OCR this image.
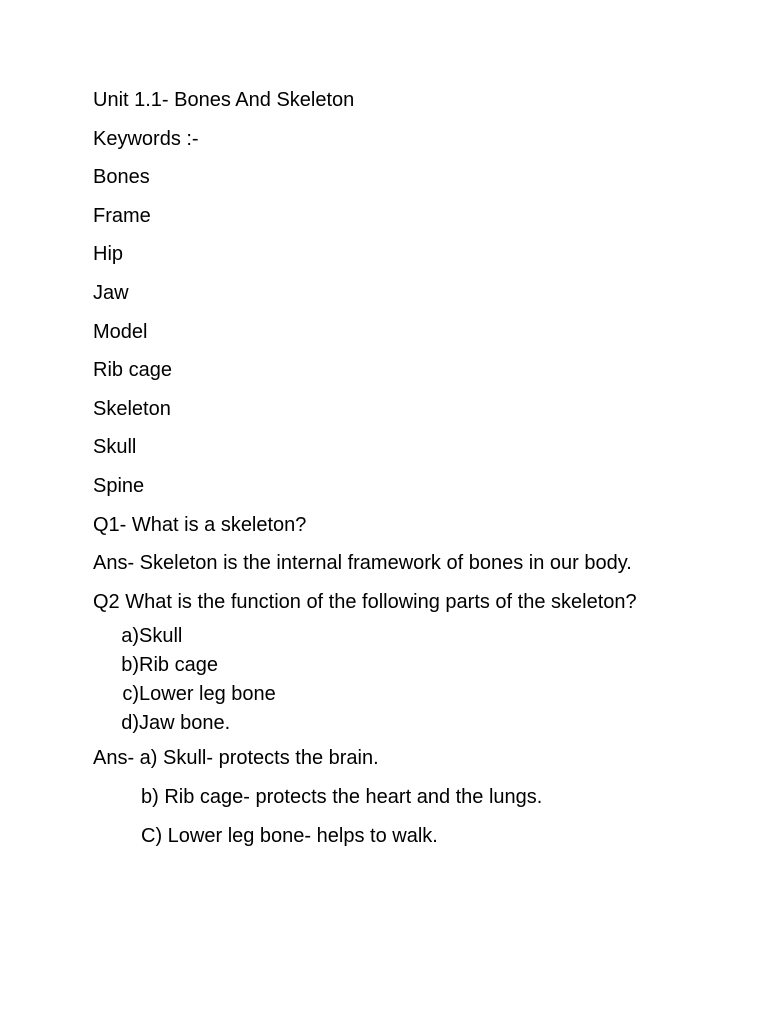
Unit 1.1- Bones And Skeleton
Keywords :-
Bones
Frame
Hip
Jaw
Model
Rib cage
Skeleton
Skull
Spine
Q1- What is a skeleton?
Ans- Skeleton is the internal framework of bones in our body.
Q2 What is the function of the following parts of the skeleton?
a) Skull
b) Rib cage
c) Lower leg bone
d) Jaw bone.
Ans- a) Skull- protects the brain.
b) Rib cage- protects the heart and the lungs.
C) Lower leg bone- helps to walk.
